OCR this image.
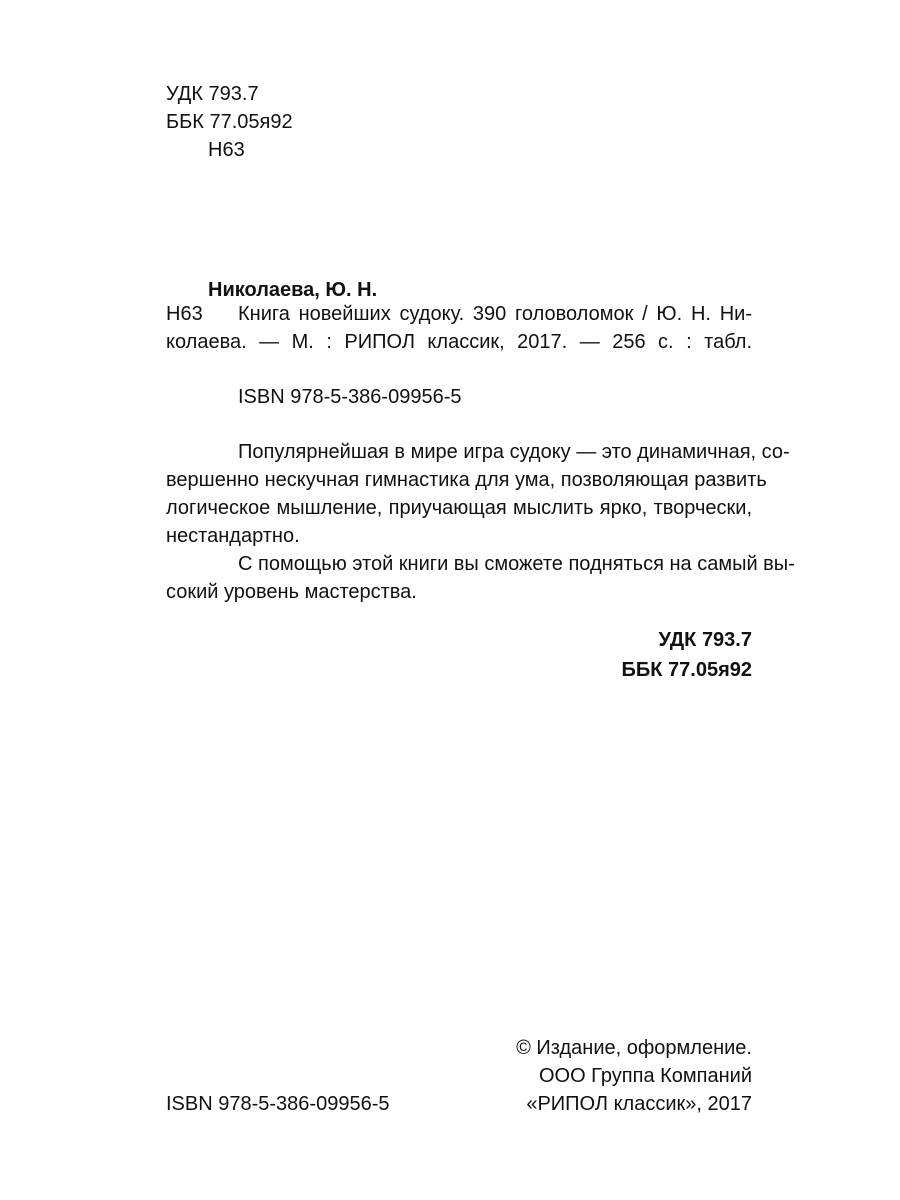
УДК 793.7
ББК 77.05я92
Н63
Николаева, Ю. Н.
Н63 Книга новейших судоку. 390 головоломок / Ю. Н. Ни-
колаева. — М. : РИПОЛ классик, 2017. — 256 с. : табл.
ISBN 978-5-386-09956-5
Популярнейшая в мире игра судоку — это динамичная, со-
вершенно нескучная гимнастика для ума, позволяющая развить
логическое мышление, приучающая мыслить ярко, творчески,
нестандартно.
С помощью этой книги вы сможете подняться на самый вы-
сокий уровень мастерства.
УДК 793.7
ББК 77.05я92
© Издание, оформление.
ООО Группа Компаний
ISBN 978-5-386-09956-5	«РИПОЛ классик», 2017
